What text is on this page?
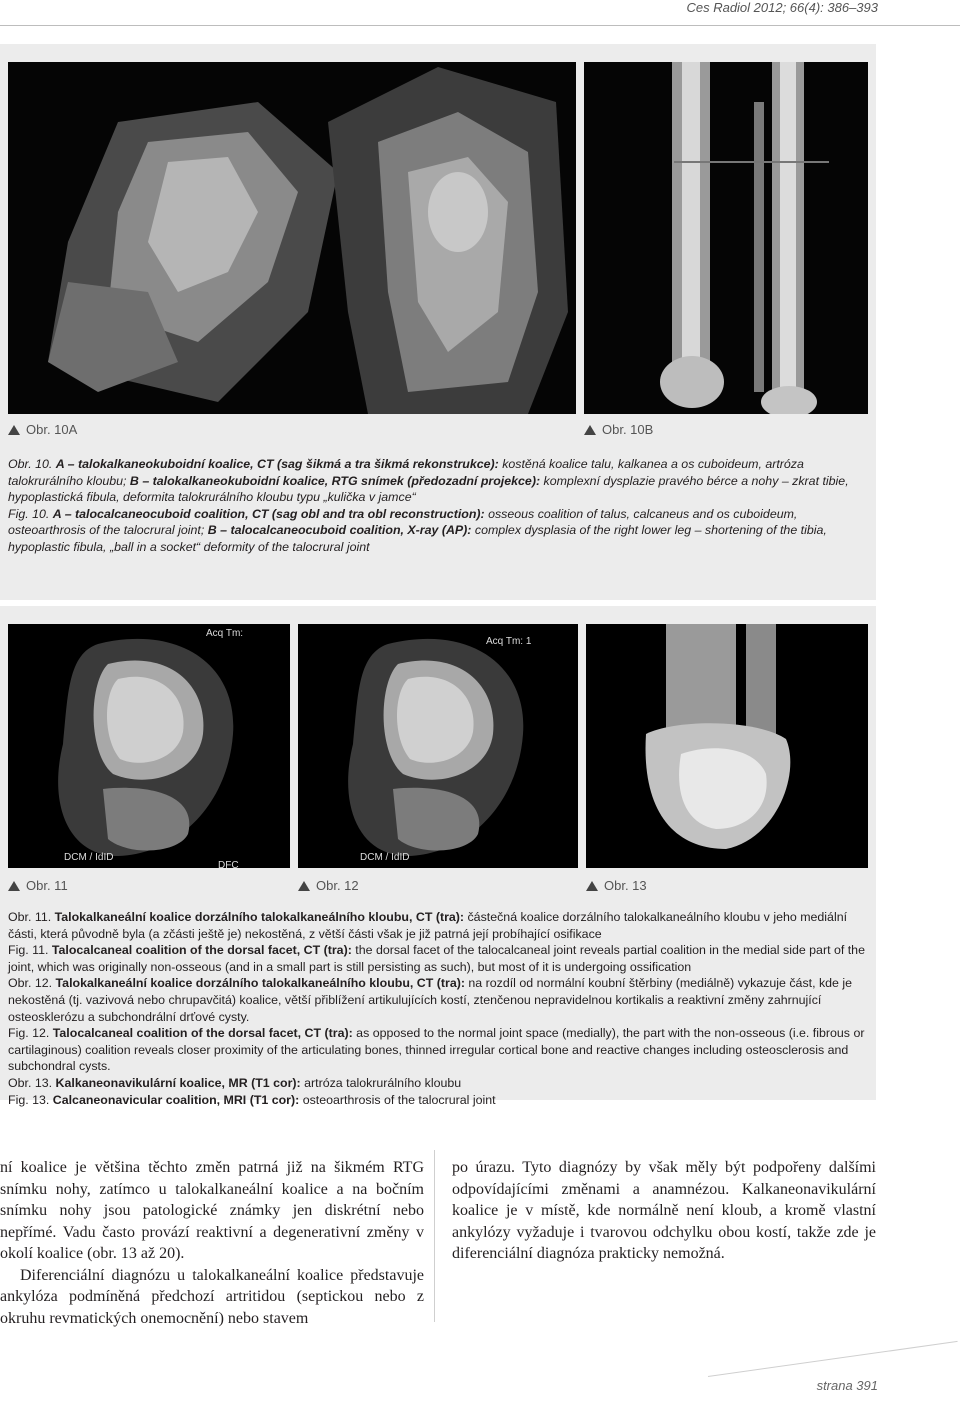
Ces Radiol 2012; 66(4): 386–393
Obr. 10A	Obr. 10B

Obr. 10. A – talokalkaneokuboidní koalice, CT (sag šikmá a tra šikmá rekonstrukce): kostěná koalice talu, kalkanea a os cuboideum, artróza talokrurálního kloubu; B – talokalkaneokuboidní koalice, RTG snímek (předozadní projekce): komplexní dysplazie pravého bérce a nohy – zkrat tibie, hypoplastická fibula, deformita talokrurálního kloubu typu „kulička v jamce“

Fig. 10. A – talocalcaneocuboid coalition, CT (sag obl and tra obl reconstruction): osseous coalition of talus, calcaneus and os cuboideum, osteoarthrosis of the talocrural joint; B – talocalcaneocuboid coalition, X-ray (AP): complex dysplasia of the right lower leg – shortening of the tibia, hypoplastic fibula, „ball in a socket“ deformity of the talocrural joint

Acq Tm:
DCM / IdID
DFC
Acq Tm: 1
DCM / IdID
Obr. 11	Obr. 12	Obr. 13

Obr. 11. Talokalkaneální koalice dorzálního talokalkaneálního kloubu, CT (tra): částečná koalice dorzálního talokalkaneálního kloubu v jeho mediální části, která původně byla (a zčásti ještě je) nekostěná, z větší části však je již patrná její probíhající osifikace

Fig. 11. Talocalcaneal coalition of the dorsal facet, CT (tra): the dorsal facet of the talocalcaneal joint reveals partial coalition in the medial side part of the joint, which was originally non-osseous (and in a small part is still persisting as such), but most of it is undergoing ossification

Obr. 12. Talokalkaneální koalice dorzálního talokalkaneálního kloubu, CT (tra): na rozdíl od normální koubní štěrbiny (mediálně) vykazuje část, kde je nekostěná (tj. vazivová nebo chrupavčitá) koalice, větší přiblížení artikulujících kostí, ztenčenou nepravidelnou kortikalis a reaktivní změny zahrnující osteosklerózu a subchondrální drťové cysty.

Fig. 12. Talocalcaneal coalition of the dorsal facet, CT (tra): as opposed to the normal joint space (medially), the part with the non-osseous (i.e. fibrous or cartilaginous) coalition reveals closer proximity of the articulating bones, thinned irregular cortical bone and reactive changes including osteosclerosis and subchondral cysts.

Obr. 13. Kalkaneonavikulární koalice, MR (T1 cor): artróza talokrurálního kloubu

Fig. 13. Calcaneonavicular coalition, MRI (T1 cor): osteoarthrosis of the talocrural joint

ní koalice je většina těchto změn patrná již na šikmém RTG snímku nohy, zatímco u talokalkaneální koalice a na bočním snímku nohy jsou patologické známky jen diskrétní nebo nepřímé. Vadu často provází reaktivní a degenerativní změny v okolí koalice (obr. 13 až 20).

Diferenciální diagnózu u talokalkaneální koalice představuje ankylóza podmíněná předchozí artritidou (septickou nebo z okruhu revmatických onemocnění) nebo stavem

po úrazu. Tyto diagnózy by však měly být podpořeny dalšími odpovídajícími změnami a anamnézou. Kalkaneonavikulární koalice je v místě, kde normálně není kloub, a kromě vlastní ankylózy vyžaduje i tvarovou odchylku obou kostí, takže zde je diferenciální diagnóza prakticky nemožná.

strana 391
